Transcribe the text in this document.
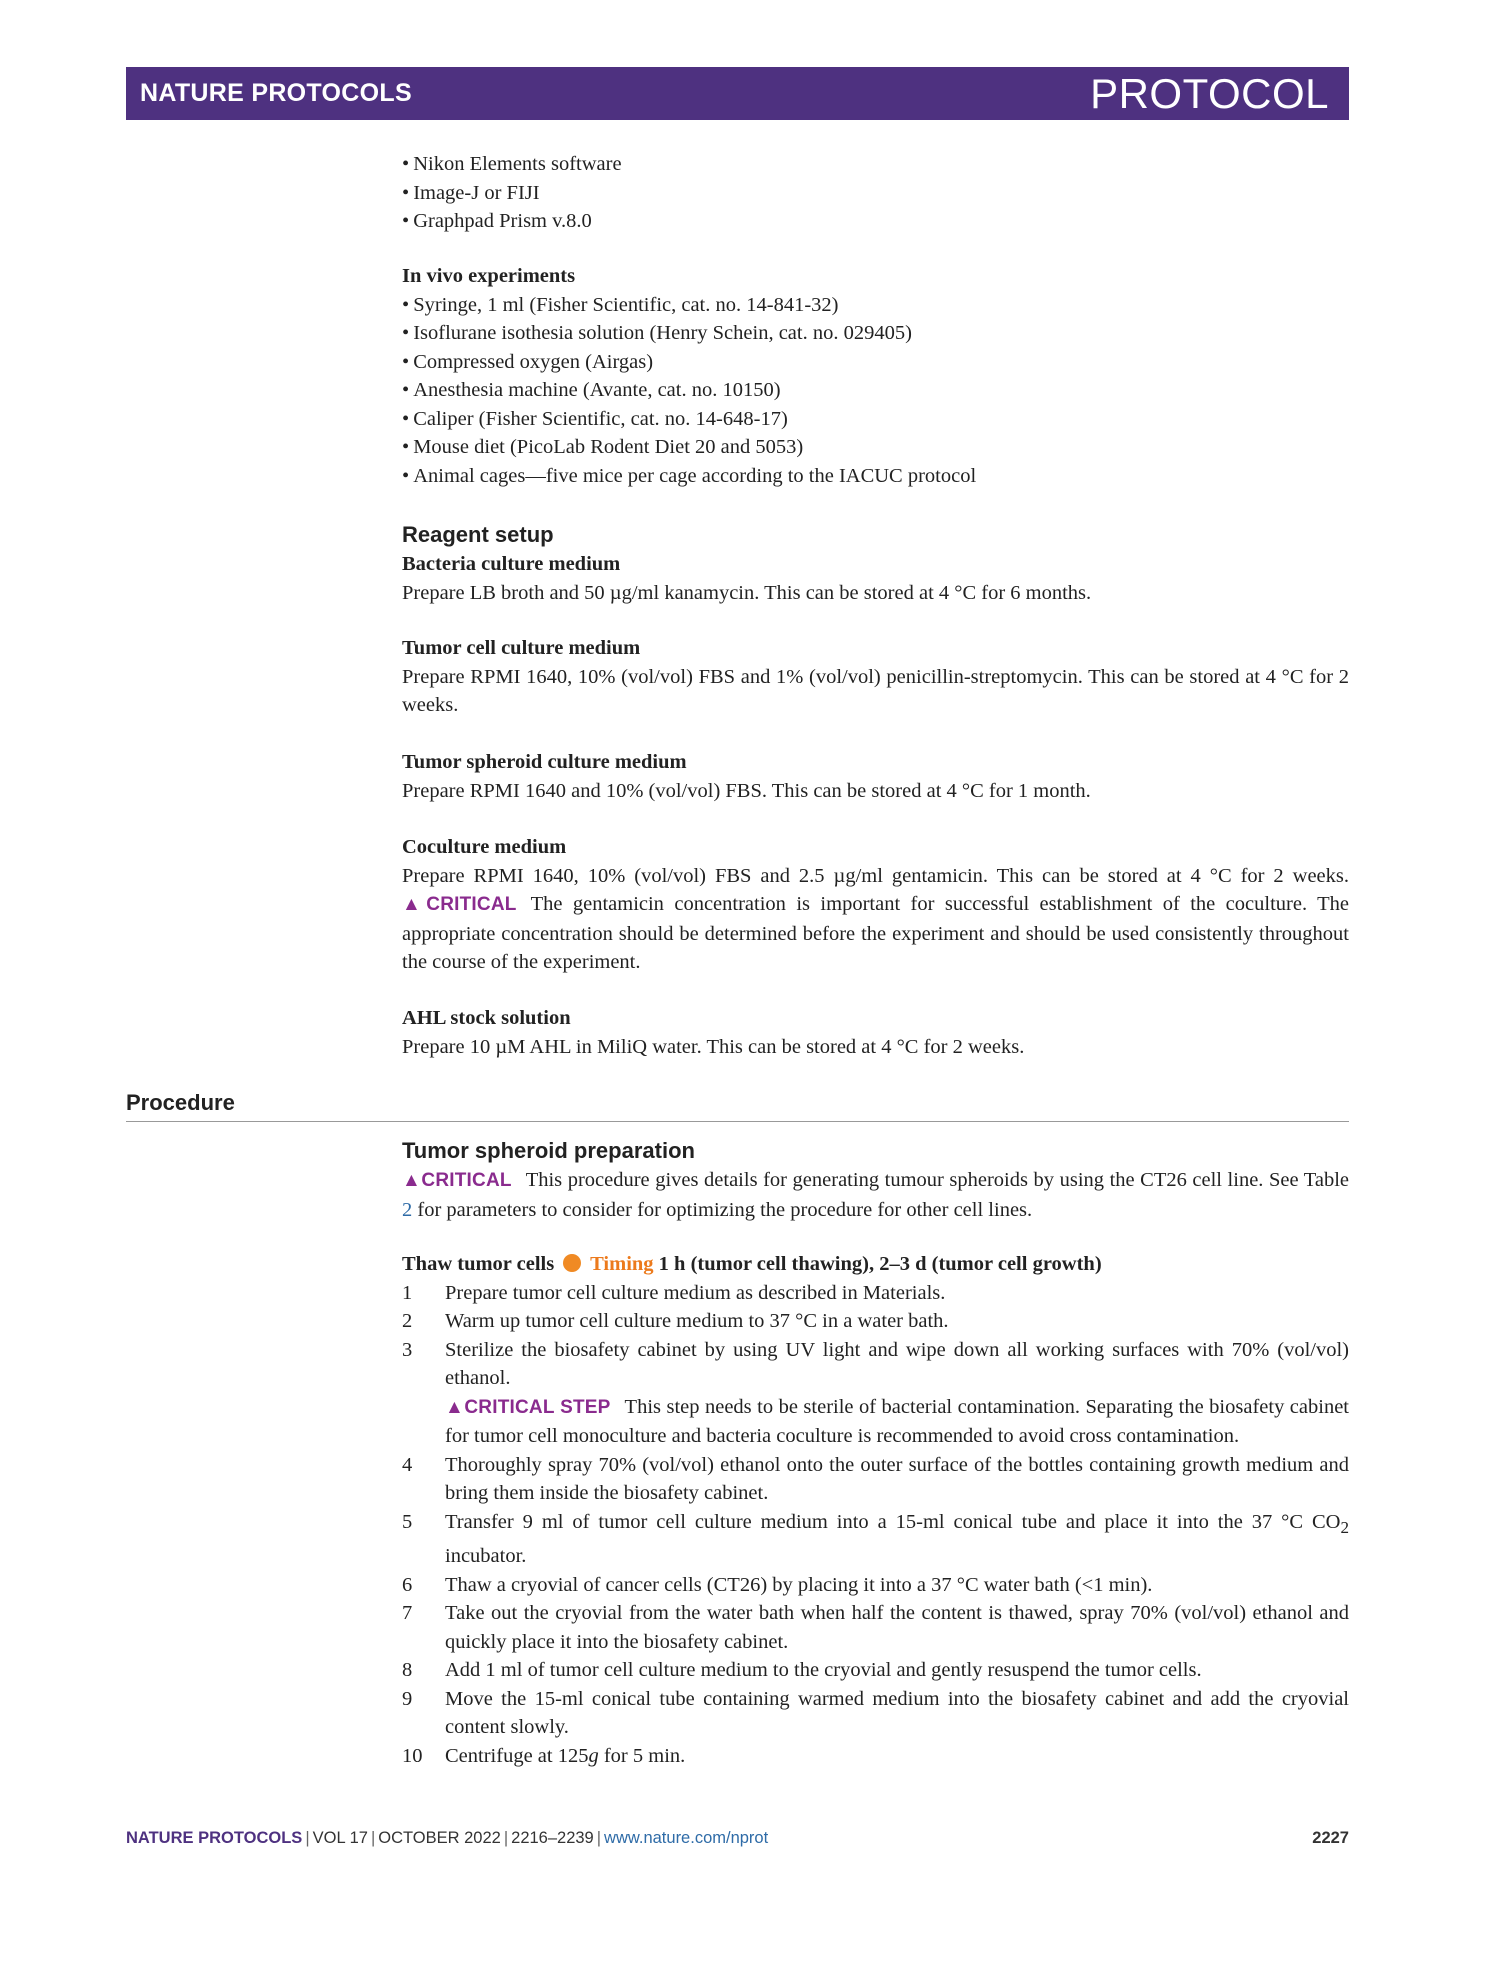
NATURE PROTOCOLS	PROTOCOL
• Nikon Elements software
• Image-J or FIJI
• Graphpad Prism v.8.0
In vivo experiments
• Syringe, 1 ml (Fisher Scientific, cat. no. 14-841-32)
• Isoflurane isothesia solution (Henry Schein, cat. no. 029405)
• Compressed oxygen (Airgas)
• Anesthesia machine (Avante, cat. no. 10150)
• Caliper (Fisher Scientific, cat. no. 14-648-17)
• Mouse diet (PicoLab Rodent Diet 20 and 5053)
• Animal cages—five mice per cage according to the IACUC protocol
Reagent setup
Bacteria culture medium

Prepare LB broth and 50 µg/ml kanamycin. This can be stored at 4 °C for 6 months.

Tumor cell culture medium

Prepare RPMI 1640, 10% (vol/vol) FBS and 1% (vol/vol) penicillin-streptomycin. This can be stored at 4 °C for 2 weeks.

Tumor spheroid culture medium

Prepare RPMI 1640 and 10% (vol/vol) FBS. This can be stored at 4 °C for 1 month.

Coculture medium

Prepare RPMI 1640, 10% (vol/vol) FBS and 2.5 µg/ml gentamicin. This can be stored at 4 °C for 2 weeks. ▲CRITICAL The gentamicin concentration is important for successful establishment of the coculture. The appropriate concentration should be determined before the experiment and should be used consistently throughout the course of the experiment.

AHL stock solution

Prepare 10 µM AHL in MiliQ water. This can be stored at 4 °C for 2 weeks.

Procedure
Tumor spheroid preparation

▲CRITICAL This procedure gives details for generating tumour spheroids by using the CT26 cell line. See Table 2 for parameters to consider for optimizing the procedure for other cell lines.

Thaw tumor cells Timing 1 h (tumor cell thawing), 2–3 d (tumor cell growth)
1 Prepare tumor cell culture medium as described in Materials.
2 Warm up tumor cell culture medium to 37 °C in a water bath.
3 Sterilize the biosafety cabinet by using UV light and wipe down all working surfaces with 70% (vol/vol) ethanol.
▲CRITICAL STEP This step needs to be sterile of bacterial contamination. Separating the biosafety cabinet for tumor cell monoculture and bacteria coculture is recommended to avoid cross contamination.
4 Thoroughly spray 70% (vol/vol) ethanol onto the outer surface of the bottles containing growth medium and bring them inside the biosafety cabinet.
5 Transfer 9 ml of tumor cell culture medium into a 15-ml conical tube and place it into the 37 °C $CO_2$ incubator.
6 Thaw a cryovial of cancer cells (CT26) by placing it into a 37 °C water bath (<1 min).
7 Take out the cryovial from the water bath when half the content is thawed, spray 70% (vol/vol) ethanol and quickly place it into the biosafety cabinet.
8 Add 1 ml of tumor cell culture medium to the cryovial and gently resuspend the tumor cells.
9 Move the 15-ml conical tube containing warmed medium into the biosafety cabinet and add the cryovial content slowly.
10 Centrifuge at 125g for 5 min.
NATURE PROTOCOLS | VOL 17 | OCTOBER 2022 | 2216–2239 | www.nature.com/nprot	2227
